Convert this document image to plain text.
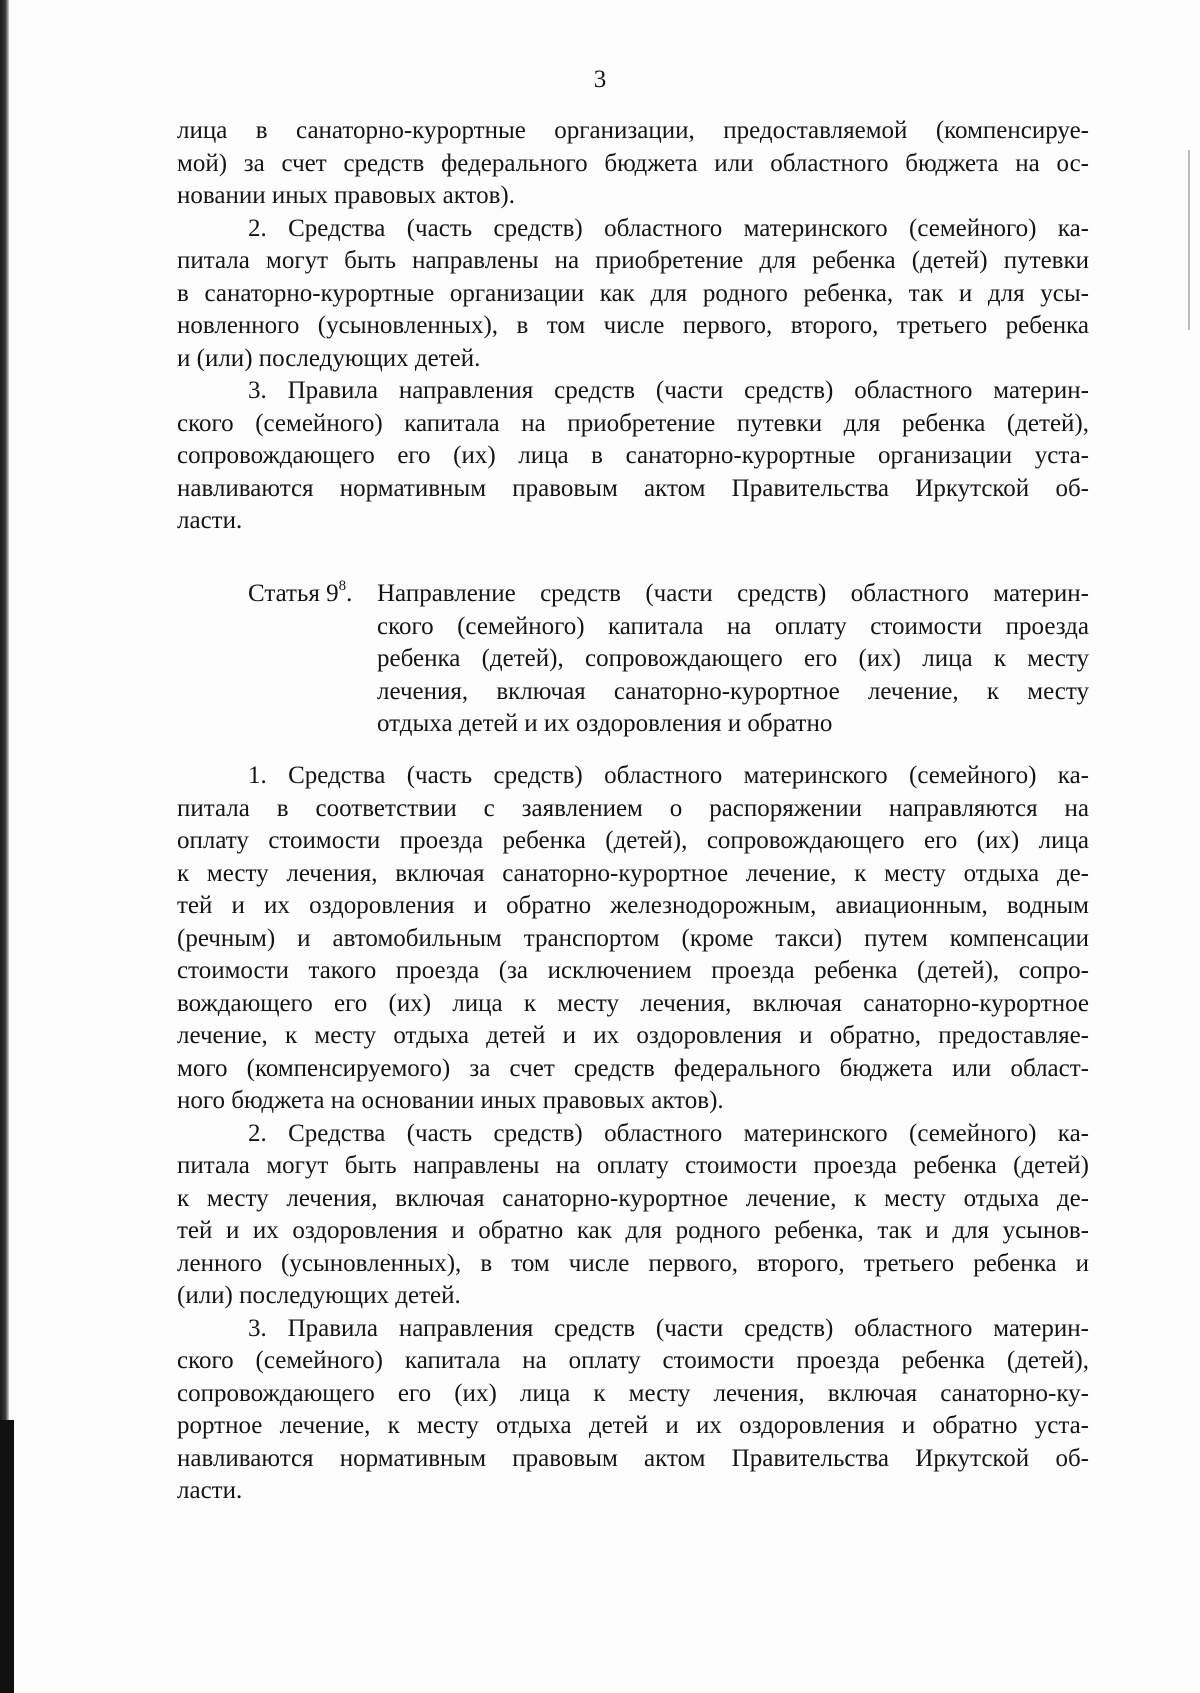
3
лица в санаторно-курортные организации, предоставляемой (компенсируе-
мой) за счет средств федерального бюджета или областного бюджета на ос-
новании иных правовых актов).
2. Средства (часть средств) областного материнского (семейного) ка-
питала могут быть направлены на приобретение для ребенка (детей) путевки
в санаторно-курортные организации как для родного ребенка, так и для усы-
новленного (усыновленных), в том числе первого, второго, третьего ребенка
и (или) последующих детей.
3. Правила направления средств (части средств) областного материн-
ского (семейного) капитала на приобретение путевки для ребенка (детей),
сопровождающего его (их) лица в санаторно-курортные организации уста-
навливаются нормативным правовым актом Правительства Иркутской об-
ласти.
Статья $9^8$. Направление средств (части средств) областного материн-
ского (семейного) капитала на оплату стоимости проезда
ребенка (детей), сопровождающего его (их) лица к месту
лечения, включая санаторно-курортное лечение, к месту
отдыха детей и их оздоровления и обратно
1. Средства (часть средств) областного материнского (семейного) ка-
питала в соответствии с заявлением о распоряжении направляются на
оплату стоимости проезда ребенка (детей), сопровождающего его (их) лица
к месту лечения, включая санаторно-курортное лечение, к месту отдыха де-
тей и их оздоровления и обратно железнодорожным, авиационным, водным
(речным) и автомобильным транспортом (кроме такси) путем компенсации
стоимости такого проезда (за исключением проезда ребенка (детей), сопро-
вождающего его (их) лица к месту лечения, включая санаторно-курортное
лечение, к месту отдыха детей и их оздоровления и обратно, предоставляе-
мого (компенсируемого) за счет средств федерального бюджета или област-
ного бюджета на основании иных правовых актов).
2. Средства (часть средств) областного материнского (семейного) ка-
питала могут быть направлены на оплату стоимости проезда ребенка (детей)
к месту лечения, включая санаторно-курортное лечение, к месту отдыха де-
тей и их оздоровления и обратно как для родного ребенка, так и для усынов-
ленного (усыновленных), в том числе первого, второго, третьего ребенка и
(или) последующих детей.
3. Правила направления средств (части средств) областного материн-
ского (семейного) капитала на оплату стоимости проезда ребенка (детей),
сопровождающего его (их) лица к месту лечения, включая санаторно-ку-
рортное лечение, к месту отдыха детей и их оздоровления и обратно уста-
навливаются нормативным правовым актом Правительства Иркутской об-
ласти.
